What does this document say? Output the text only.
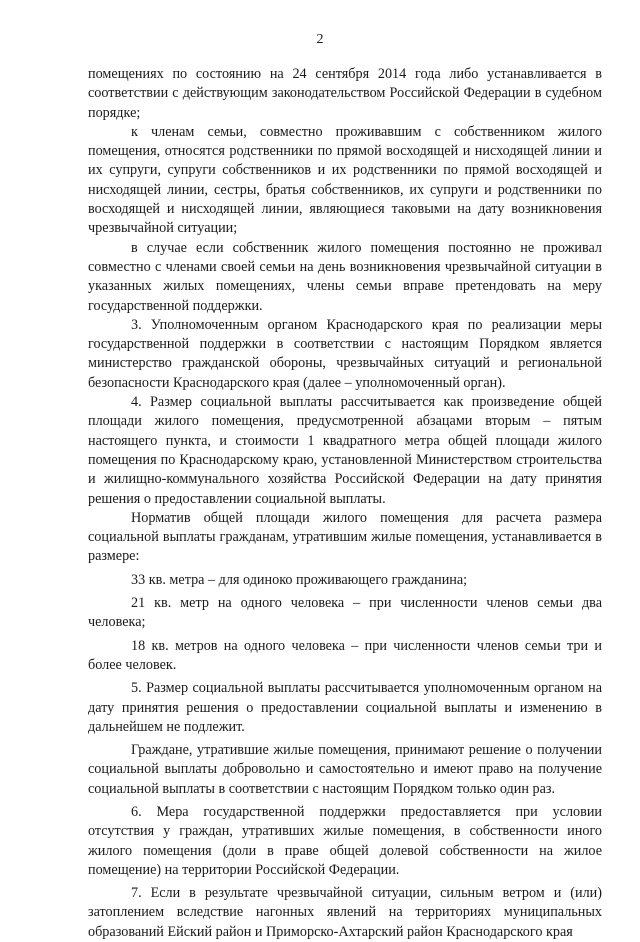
2

помещениях по состоянию на 24 сентября 2014 года либо устанавливается в соответствии с действующим законодательством Российской Федерации в судебном порядке;

к членам семьи, совместно проживавшим с собственником жилого помещения, относятся родственники по прямой восходящей и нисходящей линии и их супруги, супруги собственников и их родственники по прямой восходящей и нисходящей линии, сестры, братья собственников, их супруги и родственники по восходящей и нисходящей линии, являющиеся таковыми на дату возникновения чрезвычайной ситуации;

в случае если собственник жилого помещения постоянно не проживал совместно с членами своей семьи на день возникновения чрезвычайной ситуации в указанных жилых помещениях, члены семьи вправе претендовать на меру государственной поддержки.

3. Уполномоченным органом Краснодарского края по реализации меры государственной поддержки в соответствии с настоящим Порядком является министерство гражданской обороны, чрезвычайных ситуаций и региональной безопасности Краснодарского края (далее – уполномоченный орган).

4. Размер социальной выплаты рассчитывается как произведение общей площади жилого помещения, предусмотренной абзацами вторым – пятым настоящего пункта, и стоимости 1 квадратного метра общей площади жилого помещения по Краснодарскому краю, установленной Министерством строительства и жилищно-коммунального хозяйства Российской Федерации на дату принятия решения о предоставлении социальной выплаты.

Норматив общей площади жилого помещения для расчета размера социальной выплаты гражданам, утратившим жилые помещения, устанавливается в размере:

33 кв. метра – для одиноко проживающего гражданина;

21 кв. метр на одного человека – при численности членов семьи два человека;

18 кв. метров на одного человека – при численности членов семьи три и более человек.

5. Размер социальной выплаты рассчитывается уполномоченным органом на дату принятия решения о предоставлении социальной выплаты и изменению в дальнейшем не подлежит.

Граждане, утратившие жилые помещения, принимают решение о получении социальной выплаты добровольно и самостоятельно и имеют право на получение социальной выплаты в соответствии с настоящим Порядком только один раз.

6. Мера государственной поддержки предоставляется при условии отсутствия у граждан, утративших жилые помещения, в собственности иного жилого помещения (доли в праве общей долевой собственности на жилое помещение) на территории Российской Федерации.

7. Если в результате чрезвычайной ситуации, сильным ветром и (или) затоплением вследствие нагонных явлений на территориях муниципальных образований Ейский район и Приморско-Ахтарский район Краснодарского края
